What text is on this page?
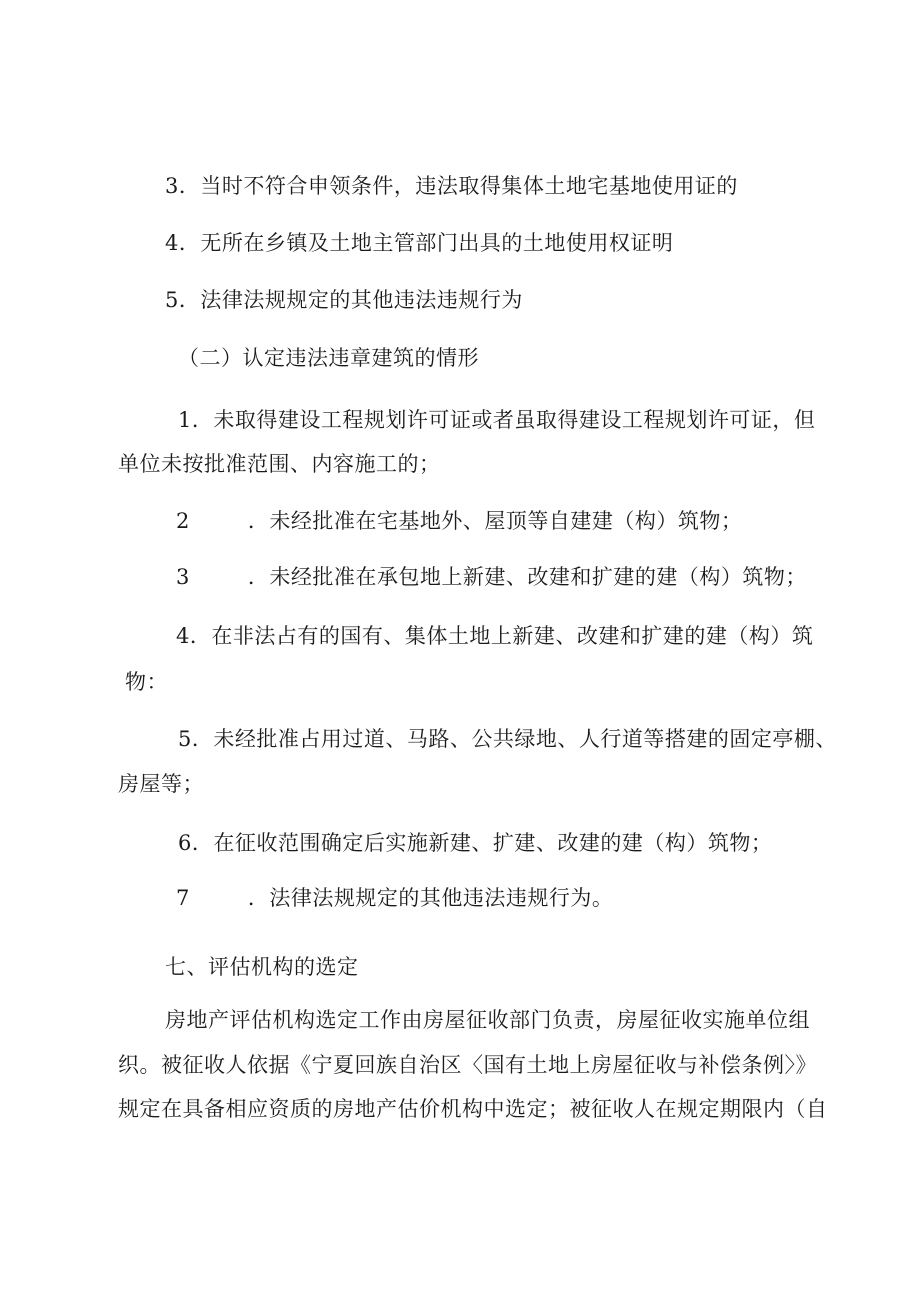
3．当时不符合申领条件，违法取得集体土地宅基地使用证的
4．无所在乡镇及土地主管部门出具的土地使用权证明
5．法律法规规定的其他违法违规行为
（二）认定违法违章建筑的情形
1．未取得建设工程规划许可证或者虽取得建设工程规划许可证，但
单位未按批准范围、内容施工的；
2	．未经批准在宅基地外、屋顶等自建建（构）筑物；
3	．未经批准在承包地上新建、改建和扩建的建（构）筑物；
4．在非法占有的国有、集体土地上新建、改建和扩建的建（构）筑
物：
5．未经批准占用过道、马路、公共绿地、人行道等搭建的固定亭棚、
房屋等；
6．在征收范围确定后实施新建、扩建、改建的建（构）筑物；
7	．法律法规规定的其他违法违规行为。
七、评估机构的选定
房地产评估机构选定工作由房屋征收部门负责，房屋征收实施单位组
织。被征收人依据《宁夏回族自治区〈国有土地上房屋征收与补偿条例〉》
规定在具备相应资质的房地产估价机构中选定；被征收人在规定期限内（自
